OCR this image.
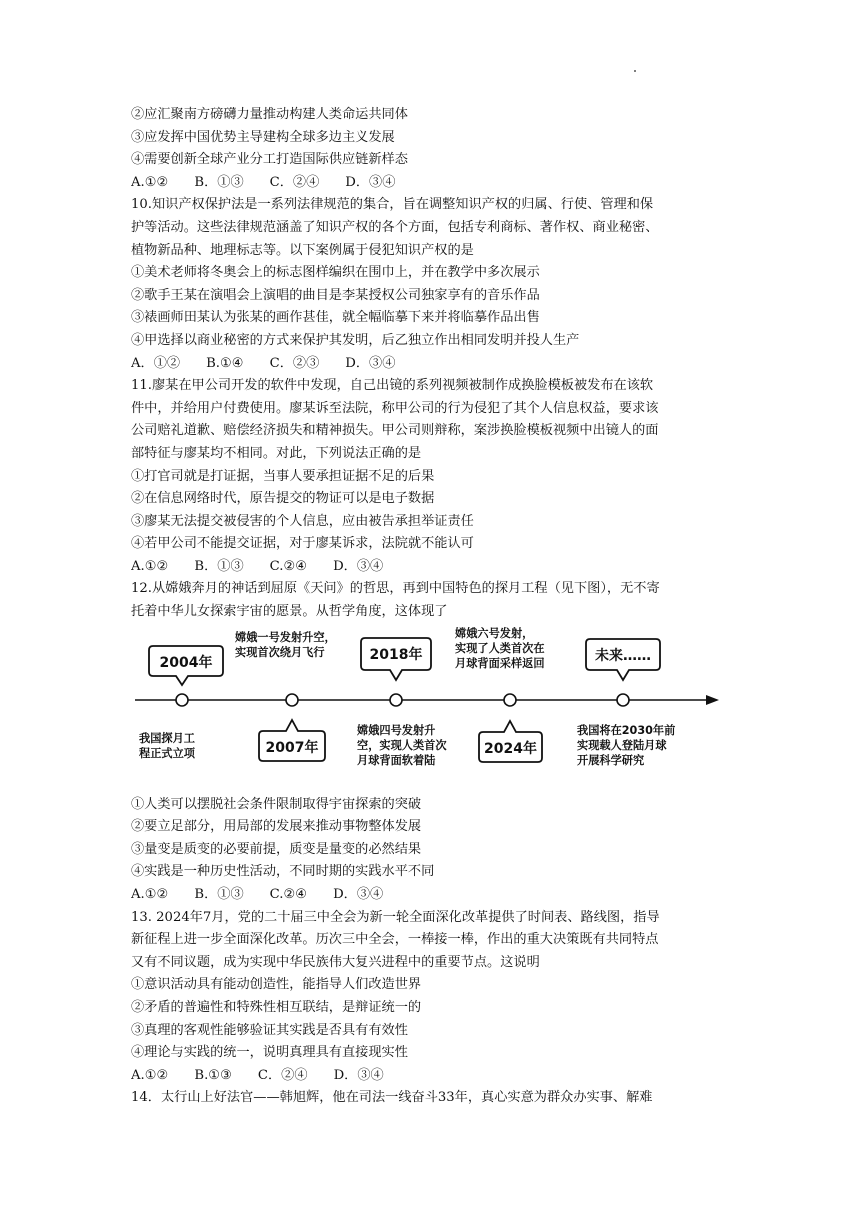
②应汇聚南方磅礴力量推动构建人类命运共同体
③应发挥中国优势主导建构全球多边主义发展
④需要创新全球产业分工打造国际供应链新样态
A.①② B．①③ C．②④ D．③④
10.知识产权保护法是一系列法律规范的集合，旨在调整知识产权的归属、行使、管理和保
护等活动。这些法律规范涵盖了知识产权的各个方面，包括专利商标、著作权、商业秘密、
植物新品种、地理标志等。以下案例属于侵犯知识产权的是
①美术老师将冬奥会上的标志图样编织在围巾上，并在教学中多次展示
②歌手王某在演唱会上演唱的曲目是李某授权公司独家享有的音乐作品
③裱画师田某认为张某的画作甚佳，就全幅临摹下来并将临摹作品出售
④甲选择以商业秘密的方式来保护其发明，后乙独立作出相同发明并投人生产
A．①② B.①④ C．②③ D．③④
11.廖某在甲公司开发的软件中发现，自己出镜的系列视频被制作成换脸模板被发布在该软
件中，并给用户付费使用。廖某诉至法院，称甲公司的行为侵犯了其个人信息权益，要求该
公司赔礼道歉、赔偿经济损失和精神损失。甲公司则辩称，案涉换脸模板视频中出镜人的面
部特征与廖某均不相同。对此，下列说法正确的是
①打官司就是打证据，当事人要承担证据不足的后果
②在信息网络时代，原告提交的物证可以是电子数据
③廖某无法提交被侵害的个人信息，应由被告承担举证责任
④若甲公司不能提交证据，对于廖某诉求，法院就不能认可
A.①② B．①③ C.②④ D．③④
12.从嫦娥奔月的神话到屈原《天问》的哲思，再到中国特色的探月工程（见下图），无不寄
托着中华儿女探索宇宙的愿景。从哲学角度，这体现了
2004年
嫦娥一号发射升空，
实现首次绕月飞行	2018年
嫦娥六号发射，
实现了人类首次在
月球背面采样返回	未来……
我国探月工
程正式立项	2007年
嫦娥四号发射升
空，实现人类首次
月球背面软着陆
2024年
我国将在2030年前
实现载人登陆月球
开展科学研究
①人类可以摆脱社会条件限制取得宇宙探索的突破
②要立足部分，用局部的发展来推动事物整体发展
③量变是质变的必要前提，质变是量变的必然结果
④实践是一种历史性活动，不同时期的实践水平不同
A.①② B．①③ C.②④ D．③④
13. 2024年7月，党的二十届三中全会为新一轮全面深化改革提供了时间表、路线图，指导
新征程上进一步全面深化改革。历次三中全会，一棒接一棒，作出的重大决策既有共同特点
又有不同议题，成为实现中华民族伟大复兴进程中的重要节点。这说明
①意识活动具有能动创造性，能指导人们改造世界
②矛盾的普遍性和特殊性相互联结，是辩证统一的
③真理的客观性能够验证其实践是否具有有效性
④理论与实践的统一，说明真理具有直接现实性
A.①② B.①③ C．②④ D．③④
14．太行山上好法官——韩旭辉，他在司法一线奋斗33年，真心实意为群众办实事、解难
